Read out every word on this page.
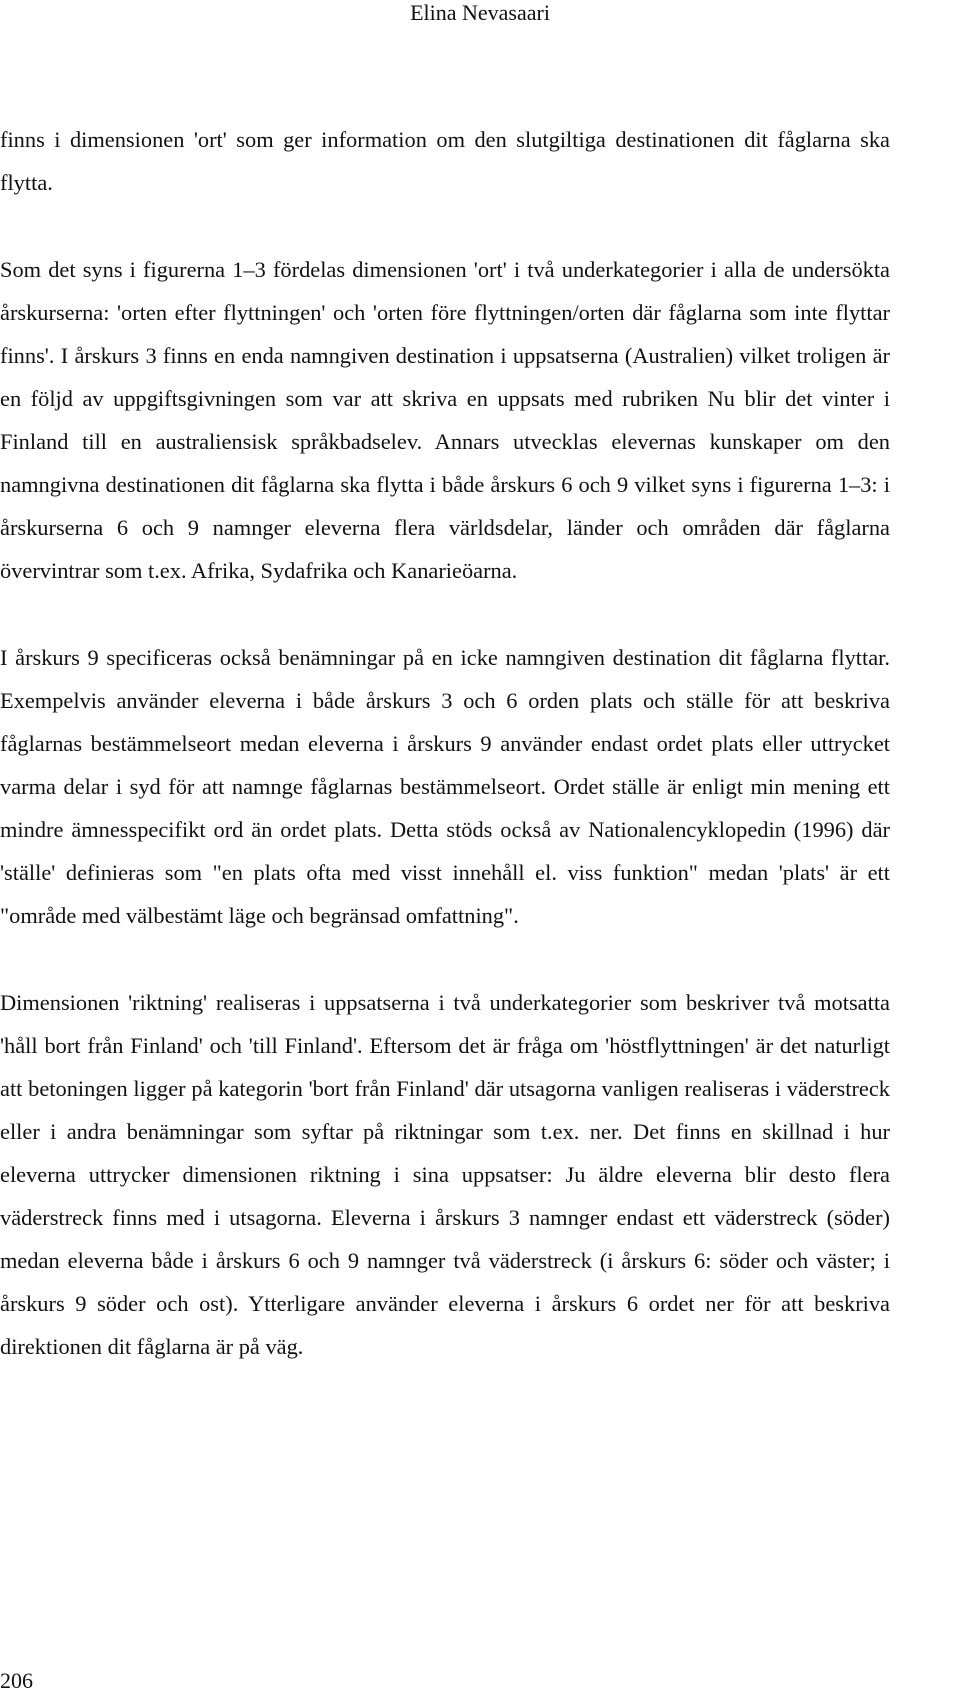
Elina Nevasaari

finns i dimensionen 'ort' som ger information om den slutgiltiga destinationen dit fåglarna ska flytta.

Som det syns i figurerna 1–3 fördelas dimensionen 'ort' i två underkategorier i alla de undersökta årskurserna: 'orten efter flyttningen' och 'orten före flyttningen/orten där fåglarna som inte flyttar finns'. I årskurs 3 finns en enda namngiven destination i uppsatserna (Australien) vilket troligen är en följd av uppgiftsgivningen som var att skriva en uppsats med rubriken Nu blir det vinter i Finland till en australiensisk språkbadselev. Annars utvecklas elevernas kunskaper om den namngivna destinationen dit fåglarna ska flytta i både årskurs 6 och 9 vilket syns i figurerna 1–3: i årskurserna 6 och 9 namnger eleverna flera världsdelar, länder och områden där fåglarna övervintrar som t.ex. Afrika, Sydafrika och Kanarieöarna.

I årskurs 9 specificeras också benämningar på en icke namngiven destination dit fåglarna flyttar. Exempelvis använder eleverna i både årskurs 3 och 6 orden plats och ställe för att beskriva fåglarnas bestämmelseort medan eleverna i årskurs 9 använder endast ordet plats eller uttrycket varma delar i syd för att namnge fåglarnas bestämmelseort. Ordet ställe är enligt min mening ett mindre ämnesspecifikt ord än ordet plats. Detta stöds också av Nationalencyklopedin (1996) där 'ställe' definieras som "en plats ofta med visst innehåll el. viss funktion" medan 'plats' är ett "område med välbestämt läge och begränsad omfattning".

Dimensionen 'riktning' realiseras i uppsatserna i två underkategorier som beskriver två motsatta 'håll bort från Finland' och 'till Finland'. Eftersom det är fråga om 'höstflyttningen' är det naturligt att betoningen ligger på kategorin 'bort från Finland' där utsagorna vanligen realiseras i väderstreck eller i andra benämningar som syftar på riktningar som t.ex. ner. Det finns en skillnad i hur eleverna uttrycker dimensionen riktning i sina uppsatser: Ju äldre eleverna blir desto flera väderstreck finns med i utsagorna. Eleverna i årskurs 3 namnger endast ett väderstreck (söder) medan eleverna både i årskurs 6 och 9 namnger två väderstreck (i årskurs 6: söder och väster; i årskurs 9 söder och ost). Ytterligare använder eleverna i årskurs 6 ordet ner för att beskriva direktionen dit fåglarna är på väg.

206
